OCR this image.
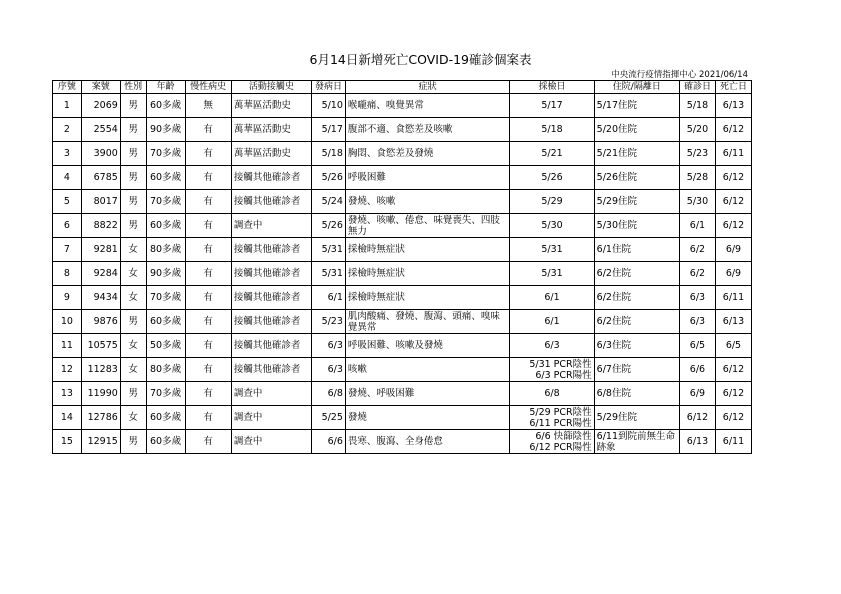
6月14日新增死亡COVID-19確診個案表
中央流行疫情指揮中心 2021/06/14
序號	案號	性別	年齡	慢性病史	活動接觸史	發病日	症狀	採檢日	住院/隔離日	確診日	死亡日
1	2069	男	60多歲	無	萬華區活動史	5/10	喉嚨痛、嗅覺異常	5/17	5/17住院	5/18	6/13
2	2554	男	90多歲	有	萬華區活動史	5/17	腹部不適、食慾差及咳嗽	5/18	5/20住院	5/20	6/12
3	3900	男	70多歲	有	萬華區活動史	5/18	胸悶、食慾差及發燒	5/21	5/21住院	5/23	6/11
4	6785	男	60多歲	有	接觸其他確診者	5/26	呼吸困難	5/26	5/26住院	5/28	6/12
5	8017	男	70多歲	有	接觸其他確診者	5/24	發燒、咳嗽	5/29	5/29住院	5/30	6/12
6	8822	男	60多歲	有	調查中	5/26	發燒、咳嗽、倦怠、味覺喪失、四肢無力	5/30	5/30住院	6/1	6/12
7	9281	女	80多歲	有	接觸其他確診者	5/31	採檢時無症狀	5/31	6/1住院	6/2	6/9
8	9284	女	90多歲	有	接觸其他確診者	5/31	採檢時無症狀	5/31	6/2住院	6/2	6/9
9	9434	女	70多歲	有	接觸其他確診者	6/1	採檢時無症狀	6/1	6/2住院	6/3	6/11
10	9876	男	60多歲	有	接觸其他確診者	5/23	肌肉酸痛、發燒、腹瀉、頭痛、嗅味覺異常	6/1	6/2住院	6/3	6/13
11	10575	女	50多歲	有	接觸其他確診者	6/3	呼吸困難、咳嗽及發燒	6/3	6/3住院	6/5	6/5
12	11283	女	80多歲	有	接觸其他確診者	6/3	咳嗽	5/31 PCR陰性
6/3 PCR陽性	6/7住院	6/6	6/12
13	11990	男	70多歲	有	調查中	6/8	發燒、呼吸困難	6/8	6/8住院	6/9	6/12
14	12786	女	60多歲	有	調查中	5/25	發燒	5/29 PCR陰性
6/11 PCR陽性	5/29住院	6/12	6/12
15	12915	男	60多歲	有	調查中	6/6	畏寒、腹瀉、全身倦怠	6/6 快篩陰性
6/12 PCR陽性	6/11到院前無生命跡象	6/13	6/11
